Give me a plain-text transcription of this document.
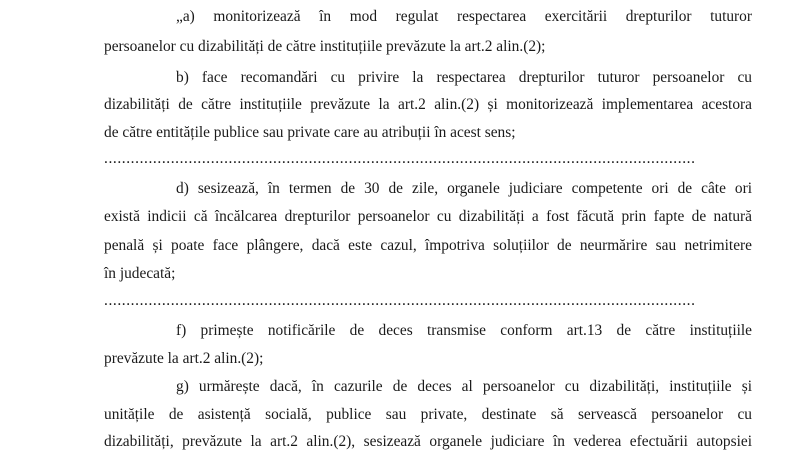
„a) monitorizează în mod regulat respectarea exercitării drepturilor tuturor
persoanelor cu dizabilități de către instituțiile prevăzute la art.2 alin.(2);
b) face recomandări cu privire la respectarea drepturilor tuturor persoanelor cu
dizabilități de către instituțiile prevăzute la art.2 alin.(2) și monitorizează implementarea acestora
de către entitățile publice sau private care au atribuții în acest sens;
.....................................................................................................................................
d) sesizează, în termen de 30 de zile, organele judiciare competente ori de câte ori
există indicii că încălcarea drepturilor persoanelor cu dizabilități a fost făcută prin fapte de natură
penală și poate face plângere, dacă este cazul, împotriva soluțiilor de neurmărire sau netrimitere
în judecată;
.....................................................................................................................................
f) primește notificările de deces transmise conform art.13 de către instituțiile
prevăzute la art.2 alin.(2);
g) urmărește dacă, în cazurile de deces al persoanelor cu dizabilități, instituțiile și
unitățile de asistență socială, publice sau private, destinate să servească persoanelor cu
dizabilități, prevăzute la art.2 alin.(2), sesizează organele judiciare în vederea efectuării autopsiei
